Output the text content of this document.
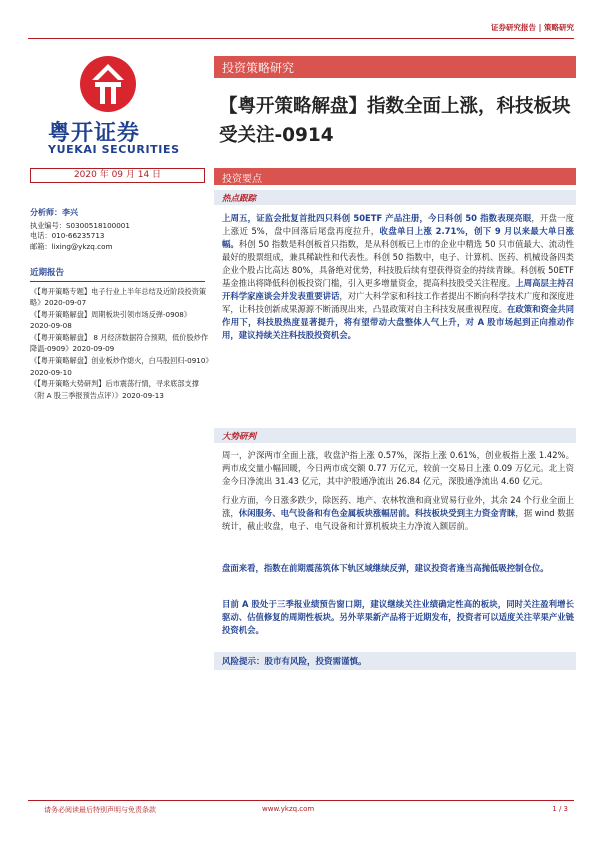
证券研究报告 | 策略研究
粤开证券
YUEKAI SECURITIES
投资策略研究
【粤开策略解盘】指数全面上涨，科技板块受关注-0914
2020 年 09 月 14 日	投资要点
热点跟踪
分析师：李兴
执业编号：S0300518100001
电话：010-66235713
邮箱：lixing@ykzq.com
近期报告
《【粤开策略专题】电子行业上半年总结及近阶段投资策略》2020-09-07
《【粤开策略解盘】周期板块引领市场反弹-0908》2020-09-08
《【粤开策略解盘】 8 月经济数据符合预期，低价股炒作降温-0909》2020-09-09
《【粤开策略解盘】创业板炒作熄火，白马股回归-0910》2020-09-10
《【粤开策略大势研判】后市震荡行情，寻求底部支撑（附 A 股三季报预告点评）》2020-09-13
上周五，证监会批复首批四只科创 50ETF 产品注册，今日科创 50 指数表现亮眼，开盘一度上涨近 5%，盘中回落后尾盘再度拉升，收盘单日上涨 2.71%，创下 9 月以来最大单日涨幅。科创 50 指数是科创板首只指数，是从科创板已上市的企业中精选 50 只市值最大、流动性最好的股票组成，兼具稀缺性和代表性。科创 50 指数中，电子、计算机、医药、机械设备四类企业个股占比高达 80%，具备绝对优势，科技股后续有望获得资金的持续青睐。科创板 50ETF 基金推出将降低科创板投资门槛，引入更多增量资金，提高科技股受关注程度。上周高层主持召开科学家座谈会并发表重要讲话，对广大科学家和科技工作者提出不断向科学技术广度和深度进军，让科技创新成果源源不断涌现出来，凸显政策对自主科技发展重视程度。在政策和资金共同作用下，科技股热度显著提升，将有望带动大盘整体人气上升，对 A 股市场起到正向推动作用，建议持续关注科技股投资机会。
大势研判
周一，沪深两市全面上涨，收盘沪指上涨 0.57%，深指上涨 0.61%，创业板指上涨 1.42%。两市成交量小幅回暖，今日两市成交额 0.77 万亿元，较前一交易日上涨 0.09 万亿元。北上资金今日净流出 31.43 亿元，其中沪股通净流出 26.84 亿元，深股通净流出 4.60 亿元。
行业方面，今日涨多跌少，除医药、地产、农林牧渔和商业贸易行业外，其余 24 个行业全面上涨，休闲服务、电气设备和有色金属板块涨幅居前。科技板块受到主力资金青睐，据 wind 数据统计，截止收盘，电子、电气设备和计算机板块主力净流入额居前。
盘面来看，指数在前期震荡筑体下轨区域继续反弹，建议投资者逢当高抛低吸控制仓位。
目前 A 股处于三季报业绩预告窗口期，建议继续关注业绩确定性高的板块，同时关注盈利增长驱动、估值修复的周期性板块。另外苹果新产品将于近期发布，投资者可以适度关注苹果产业链投资机会。
风险提示：股市有风险，投资需谨慎。
请务必阅读最后特别声明与免责条款	www.ykzq.com	1 / 3
